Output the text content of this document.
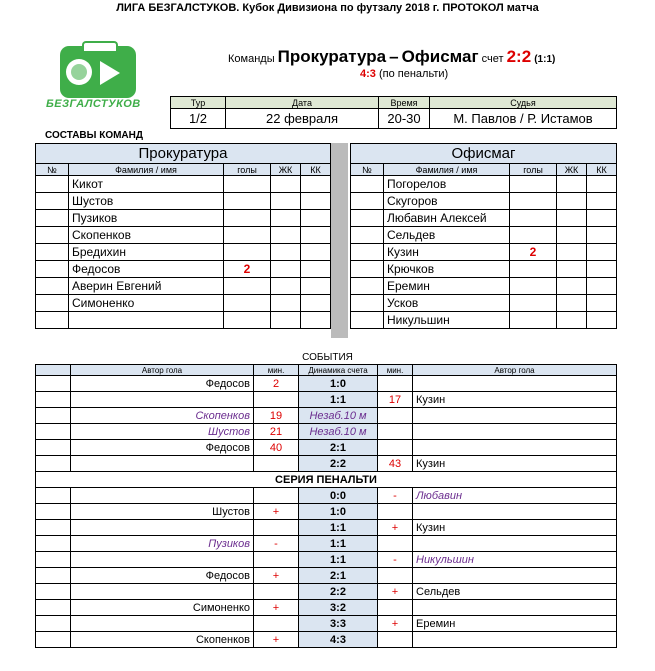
ЛИГА БЕЗГАЛСТУКОВ. Кубок Дивизиона по футзалу 2018 г. ПРОТОКОЛ матча
БЕЗГАЛСТУКОВ
Команды Прокуратура – Офисмаг счет 2:2 (1:1)
4:3 (по пенальти)
Тур	Дата	Время	Судья
1/2	22 февраля	20-30	М. Павлов / Р. Истамов
СОСТАВЫ КОМАНД
Прокуратура				
№	Фамилия / имя	голы	ЖК	КК
	Кикот			
	Шустов			
	Пузиков			
	Скопенков			
	Бредихин			
	Федосов	2		
	Аверин Евгений			
	Симоненко			

Офисмаг				
№	Фамилия / имя	голы	ЖК	КК
	Погорелов			
	Скугоров			
	Любавин Алексей			
	Сельдев			
	Кузин	2		
	Крючков			
	Еремин			
	Усков			
	Никульшин			
СОБЫТИЯ
	Автор гола	мин.	Динамика счета	мин.	Автор гола
	Федосов	2	1:0		
			1:1	17	Кузин
	Скопенков	19	Незаб.10 м		
	Шустов	21	Незаб.10 м		
	Федосов	40	2:1		
			2:2	43	Кузин
СЕРИЯ ПЕНАЛЬТИ					
			0:0	-	Любавин
	Шустов	+	1:0		
			1:1	+	Кузин
	Пузиков	-	1:1		
			1:1	-	Никульшин
	Федосов	+	2:1		
			2:2	+	Сельдев
	Симоненко	+	3:2		
			3:3	+	Еремин
	Скопенков	+	4:3		
